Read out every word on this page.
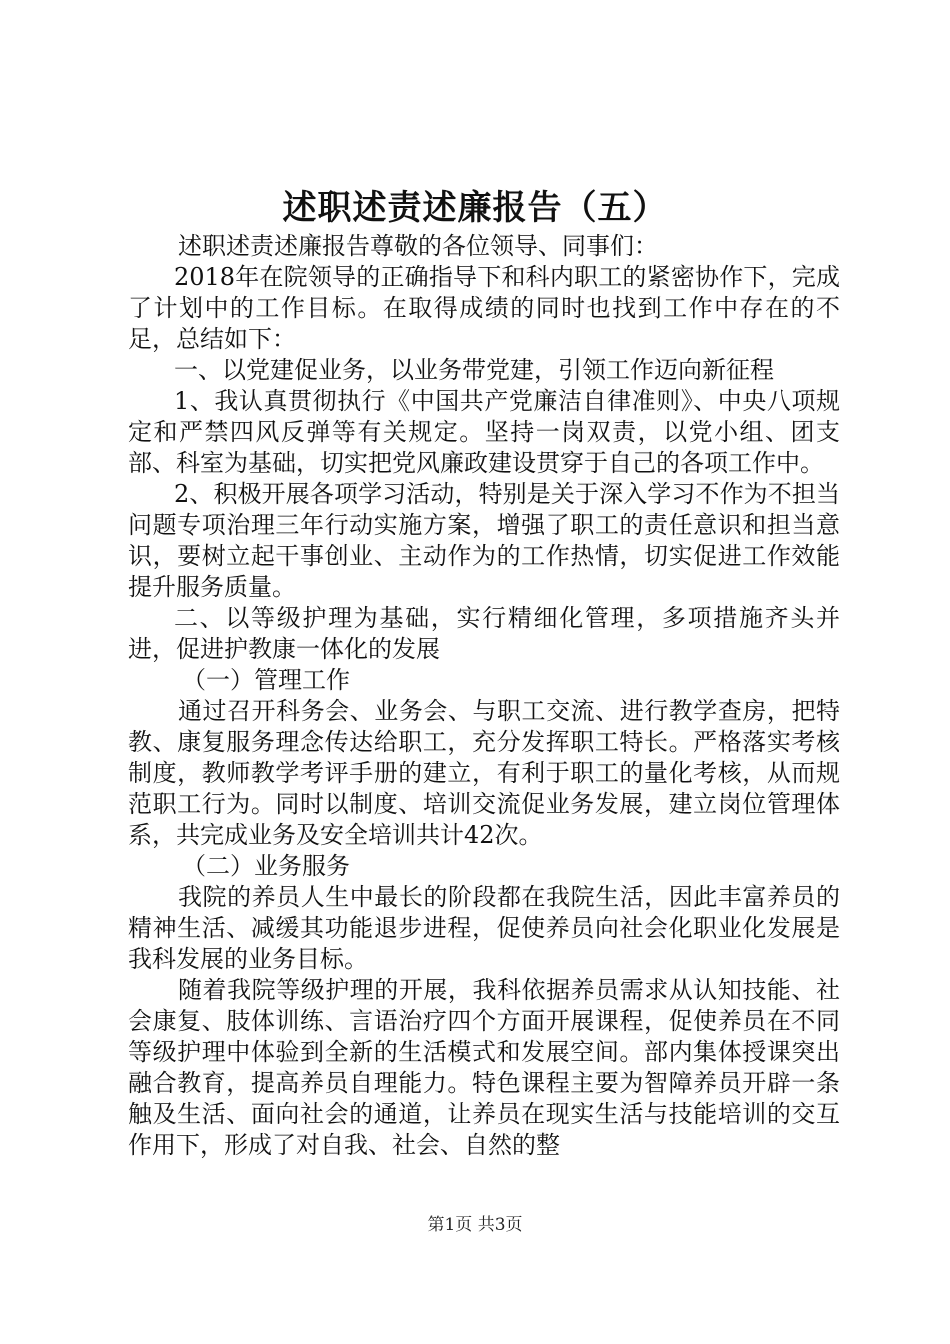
述职述责述廉报告（五）

述职述责述廉报告尊敬的各位领导、同事们：

2018年在院领导的正确指导下和科内职工的紧密协作下，完成了计划中的工作目标。在取得成绩的同时也找到工作中存在的不足，总结如下：

一、以党建促业务，以业务带党建，引领工作迈向新征程

1、我认真贯彻执行《中国共产党廉洁自律准则》、中央八项规定和严禁四风反弹等有关规定。坚持一岗双责，以党小组、团支部、科室为基础，切实把党风廉政建设贯穿于自己的各项工作中。

2、积极开展各项学习活动，特别是关于深入学习不作为不担当问题专项治理三年行动实施方案，增强了职工的责任意识和担当意识，要树立起干事创业、主动作为的工作热情，切实促进工作效能提升服务质量。

二、以等级护理为基础，实行精细化管理，多项措施齐头并进，促进护教康一体化的发展

（一）管理工作

通过召开科务会、业务会、与职工交流、进行教学查房，把特教、康复服务理念传达给职工，充分发挥职工特长。严格落实考核制度，教师教学考评手册的建立，有利于职工的量化考核，从而规范职工行为。同时以制度、培训交流促业务发展，建立岗位管理体系，共完成业务及安全培训共计42次。

（二）业务服务

我院的养员人生中最长的阶段都在我院生活，因此丰富养员的精神生活、减缓其功能退步进程，促使养员向社会化职业化发展是我科发展的业务目标。

随着我院等级护理的开展，我科依据养员需求从认知技能、社会康复、肢体训练、言语治疗四个方面开展课程，促使养员在不同等级护理中体验到全新的生活模式和发展空间。部内集体授课突出融合教育，提高养员自理能力。特色课程主要为智障养员开辟一条触及生活、面向社会的通道，让养员在现实生活与技能培训的交互作用下，形成了对自我、社会、自然的整

第1页 共3页
